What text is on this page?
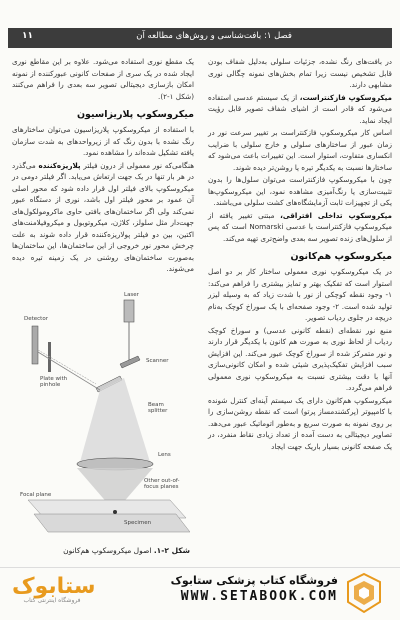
فصل ۱: بافت‌شناسی و روش‌های مطالعه آن
۱۱

در بافت‌های رنگ نشده، جزئیات سلولی به‌دلیل شفاف بودن قابل تشخیص نیست زیرا تمام بخش‌های نمونه چگالی نوری مشابهی دارند.

میکروسکوپ فازکنتراست، از یک سیستم عدسی استفاده می‌شود که قادر است از اشیای شفاف تصویر قابل رؤیت ایجاد نماید.

اساس کار میکروسکوپ فازکنتراست بر تغییر سرعت نور در زمان عبور از ساختارهای سلولی و خارج سلولی با ضرایب انکساری متفاوت، استوار است. این تغییرات باعث می‌شود که ساختارها نسبت به یکدیگر تیره یا روشن‌تر دیده شوند.

چون با میکروسکوپ فازکنتراست می‌توان سلول‌ها را بدون تثبیت‌سازی یا رنگ‌آمیزی مشاهده نمود، این میکروسکوپ‌ها یکی از تجهیزات ثابت آزمایشگاه‌های کشت سلولی می‌باشند.

میکروسکوپ تداخلی افتراقی، مبتنی تغییر یافته از میکروسکوپ فازکنتراست با عدسی Nomarski است که پس از سلول‌های زنده تصویر سه بعدی واضح‌تری تهیه می‌کند.

میکروسکوپ هم‌کانون

در یک میکروسکوپ نوری معمولی ساختار کار بر دو اصل استوار است که تفکیک بهتر و تمایز بیشتری را فراهم می‌کند: ۱- وجود نقطه کوچکی از نور با شدت زیاد که به وسیله لیزر تولید شده است. ۲- وجود صفحه‌ای با یک سوراخ کوچک به‌نام دریچه در جلوی ردیاب تصویر.

منبع نور نقطه‌ای (نقطه کانونی عدسی) و سوراخ کوچک ردیاب از لحاظ نوری به صورت هم کانون با یکدیگر قرار دارند و نور متمرکز شده از سوراخ کوچک عبور می‌کند. این افزایش سبب افزایش تفکیک‌پذیری شیئی شده و امکان کانونی‌سازی آنها با دقت بیشتری نسبت به میکروسکوپ نوری معمولی فراهم می‌گردد.

میکروسکوپ هم‌کانون دارای یک سیستم آینه‌ای کنترل شونده با کامپیوتر (پرکشندمساز پرتو) است که نقطه روشن‌سازی را بر روی نمونه به صورت سریع و به‌طور اتوماتیک عبور می‌دهد. تصاویر دیجیتالی به دست آمده از تعداد زیادی نقاط منفرد، در یک صفحه کانونی بسیار باریک جهت ایجاد

یک مقطع نوری استفاده می‌شود. علاوه بر این مقاطع نوری ایجاد شده در یک سری از صفحات کانونی عبورکننده از نمونه امکان بازسازی دیجیتالی تصویر سه بعدی را فراهم می‌کنند (شکل ۱-۲).

میکروسکوپ پلاریزاسیون

با استفاده از میکروسکوپ پلاریزاسیون می‌توان ساختارهای رنگ نشده با بدون رنگ که از زیرواحدهای به شدت سازمان یافته تشکیل شده‌اند را مشاهده نمود.

هنگامی‌که نور معمولی از درون فیلتر پلاریزه‌کننده می‌گذرد در هر بار تنها در یک جهت ارتعاش می‌یابد. اگر فیلتر دومی در میکروسکوپ بالای فیلتر اول قرار داده شود که محور اصلی آن عمود بر محور فیلتر اول باشد، نوری از دستگاه عبور نمی‌کند ولی اگر ساختمان‌های بافتی حاوی ماکرومولکول‌های جهت‌دار مثل سلولز، کلاژن، میکروتوبول و میکروفیلامنت‌های اکتین، بین دو فیلتر پولاریزه‌کننده قرار داده شوند به علت چرخش محور نور خروجی از این ساختمان‌ها، این ساختمان‌ها به‌صورت ساختمان‌های روشنی در یک زمینه تیره دیده می‌شوند.

Laser
Scanner
Detector
Plate with pinhole
Beam splitter
Lens
Other out-of-focus planes
Focal plane
Specimen
شکل ۲-۱. اصول میکروسکوپ هم‌کانون
ستابوک
فروشگاه اینترنتی کتاب
فروشگاه کتاب پزشکی ستابوک
WWW.SETABOOK.COM
